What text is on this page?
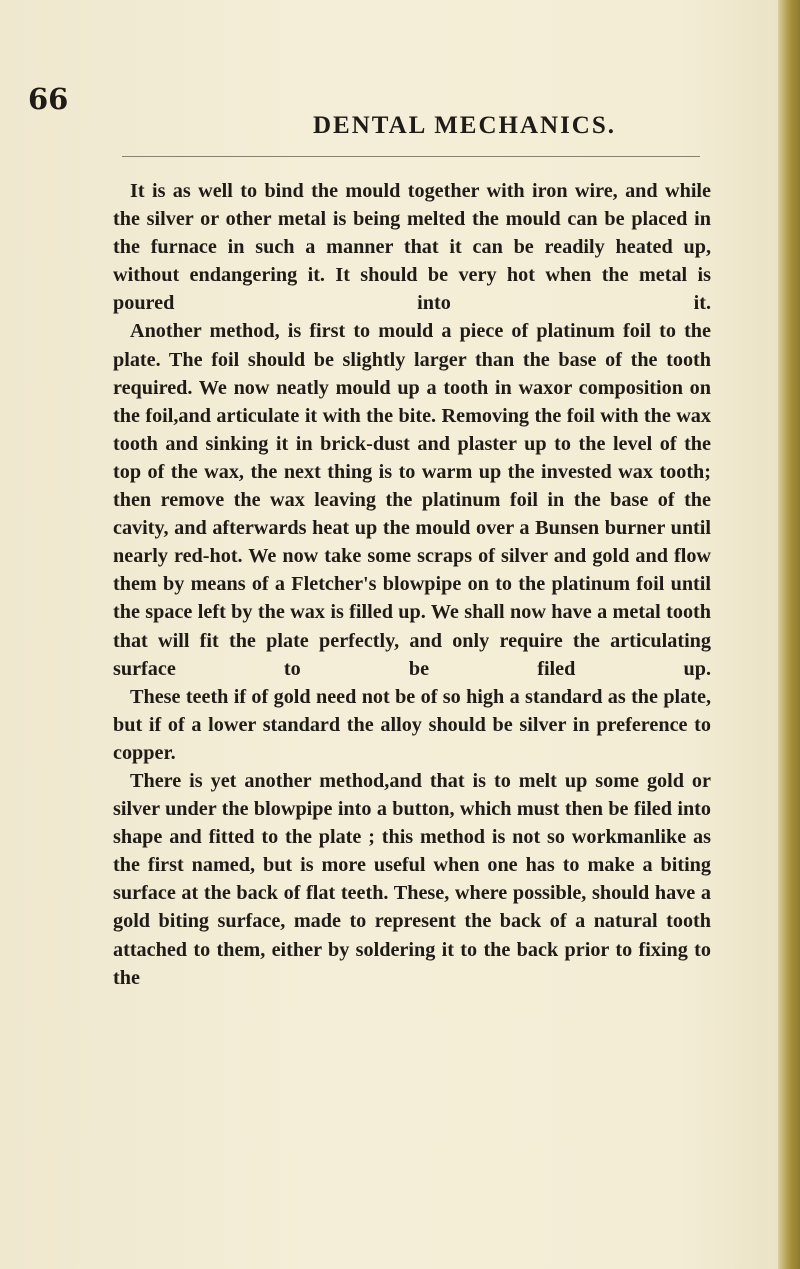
66
DENTAL MECHANICS.

It is as well to bind the mould together with iron wire, and while the silver or other metal is being melted the mould can be placed in the furnace in such a manner that it can be readily heated up, without endangering it. It should be very hot when the metal is poured into it.

Another method, is first to mould a piece of platinum foil to the plate. The foil should be slightly larger than the base of the tooth required. We now neatly mould up a tooth in waxor composition on the foil,and articulate it with the bite. Removing the foil with the wax tooth and sinking it in brick-dust and plaster up to the level of the top of the wax, the next thing is to warm up the invested wax tooth; then remove the wax leaving the platinum foil in the base of the cavity, and afterwards heat up the mould over a Bunsen burner until nearly red-hot. We now take some scraps of silver and gold and flow them by means of a Fletcher's blowpipe on to the platinum foil until the space left by the wax is filled up. We shall now have a metal tooth that will fit the plate perfectly, and only require the articulating surface to be filed up.

These teeth if of gold need not be of so high a standard as the plate, but if of a lower standard the alloy should be silver in preference to copper.

There is yet another method,and that is to melt up some gold or silver under the blowpipe into a button, which must then be filed into shape and fitted to the plate ; this method is not so workmanlike as the first named, but is more useful when one has to make a biting surface at the back of flat teeth. These, where possible, should have a gold biting surface, made to represent the back of a natural tooth attached to them, either by soldering it to the back prior to fixing to the
